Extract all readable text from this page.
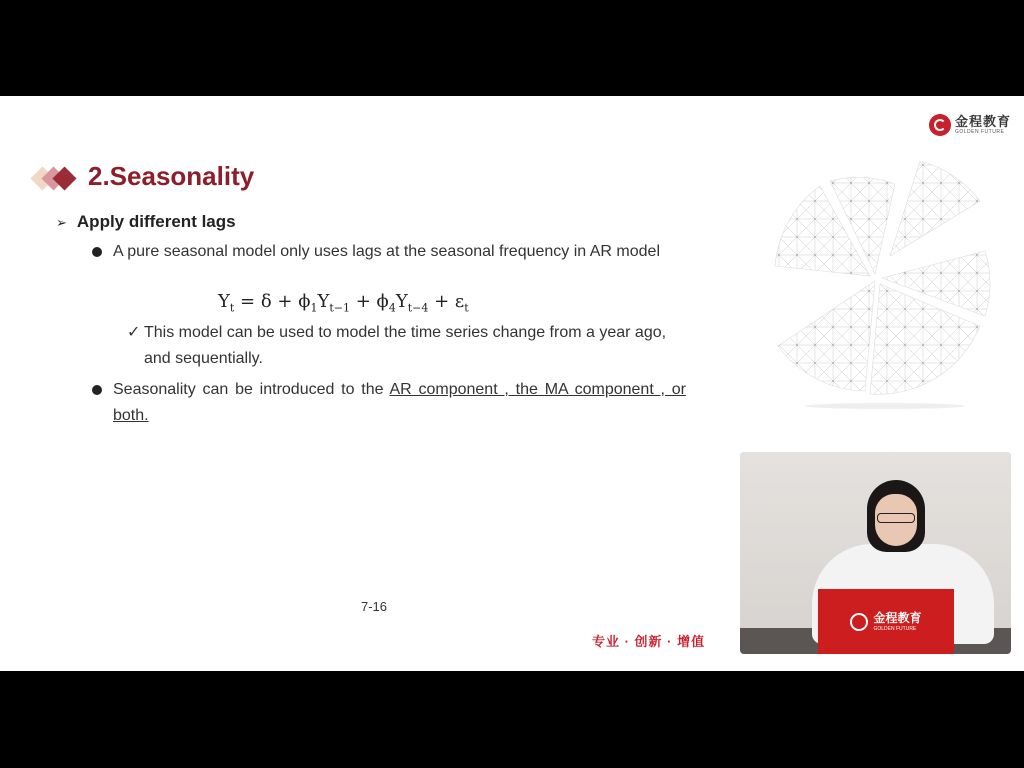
金程教育
GOLDEN FUTURE
2.Seasonality
➢ Apply different lags
A pure seasonal model only uses lags at the seasonal frequency in AR model
$Y_t = \delta + \phi_1Y_{t-1} + \phi_4Y_{t-4} + \varepsilon_t$
✓ This model can be used to model the time series change from a year ago, and sequentially.
Seasonality can be introduced to the AR component , the MA component , or both.
7-16
专业 · 创新 · 增值
金程教育
GOLDEN FUTURE
